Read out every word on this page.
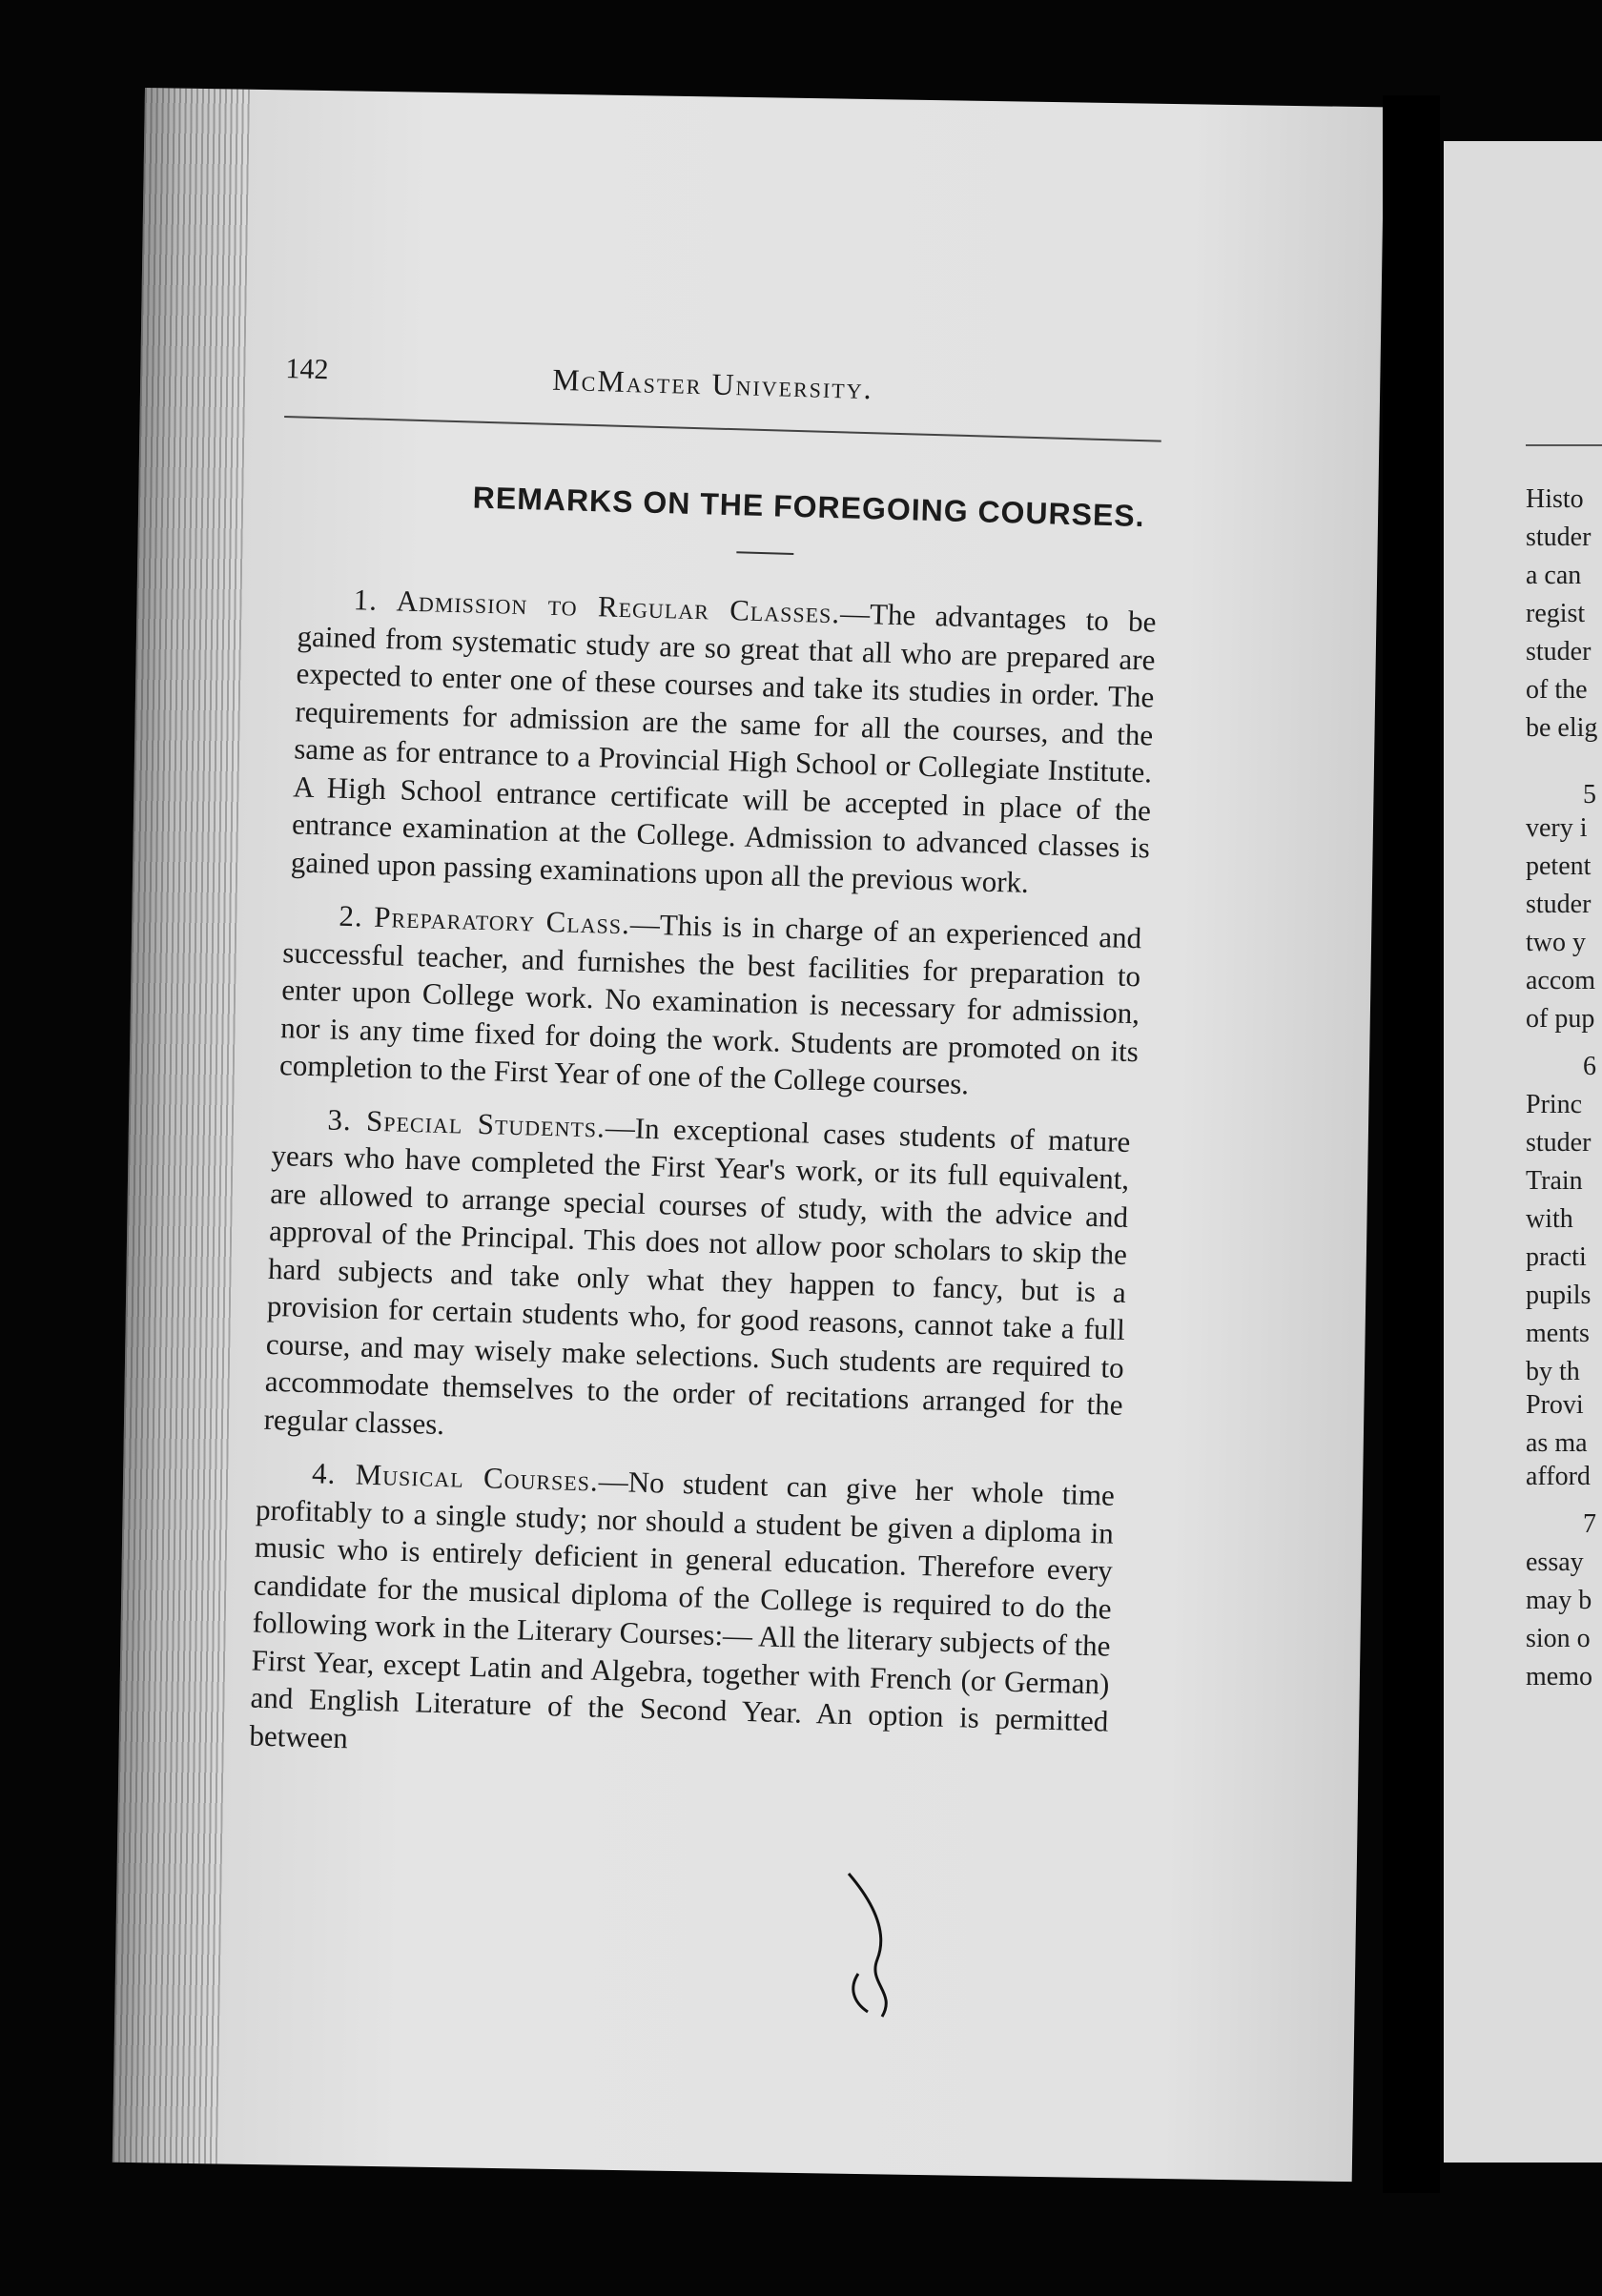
142	McMaster University.
REMARKS ON THE FOREGOING COURSES.

1. Admission to Regular Classes.—The advantages to be gained from systematic study are so great that all who are prepared are expected to enter one of these courses and take its studies in order. The requirements for admission are the same for all the courses, and the same as for entrance to a Provincial High School or Collegiate Institute. A High School entrance certificate will be accepted in place of the entrance examination at the College. Admission to advanced classes is gained upon passing examinations upon all the previous work.

2. Preparatory Class.—This is in charge of an experienced and successful teacher, and furnishes the best facilities for preparation to enter upon College work. No examination is necessary for admission, nor is any time fixed for doing the work. Students are promoted on its completion to the First Year of one of the College courses.

3. Special Students.—In exceptional cases students of mature years who have completed the First Year's work, or its full equivalent, are allowed to arrange special courses of study, with the advice and approval of the Principal. This does not allow poor scholars to skip the hard subjects and take only what they happen to fancy, but is a provision for certain students who, for good reasons, cannot take a full course, and may wisely make selections. Such students are required to accommodate themselves to the order of recitations arranged for the regular classes.

4. Musical Courses.—No student can give her whole time profitably to a single study; nor should a student be given a diploma in music who is entirely deficient in general education. Therefore every candidate for the musical diploma of the College is required to do the following work in the Literary Courses:— All the literary subjects of the First Year, except Latin and Algebra, together with French (or German) and English Literature of the Second Year. An option is permitted between

Histo
studer
a can
regist
studer
of the
be elig
5
very i
petent
studer
two y
accom
of pup
6
Princ
studer
Train
with
practi
pupils
ments
by th
Provi
as ma
afford
7
essay
may b
sion o
memo
